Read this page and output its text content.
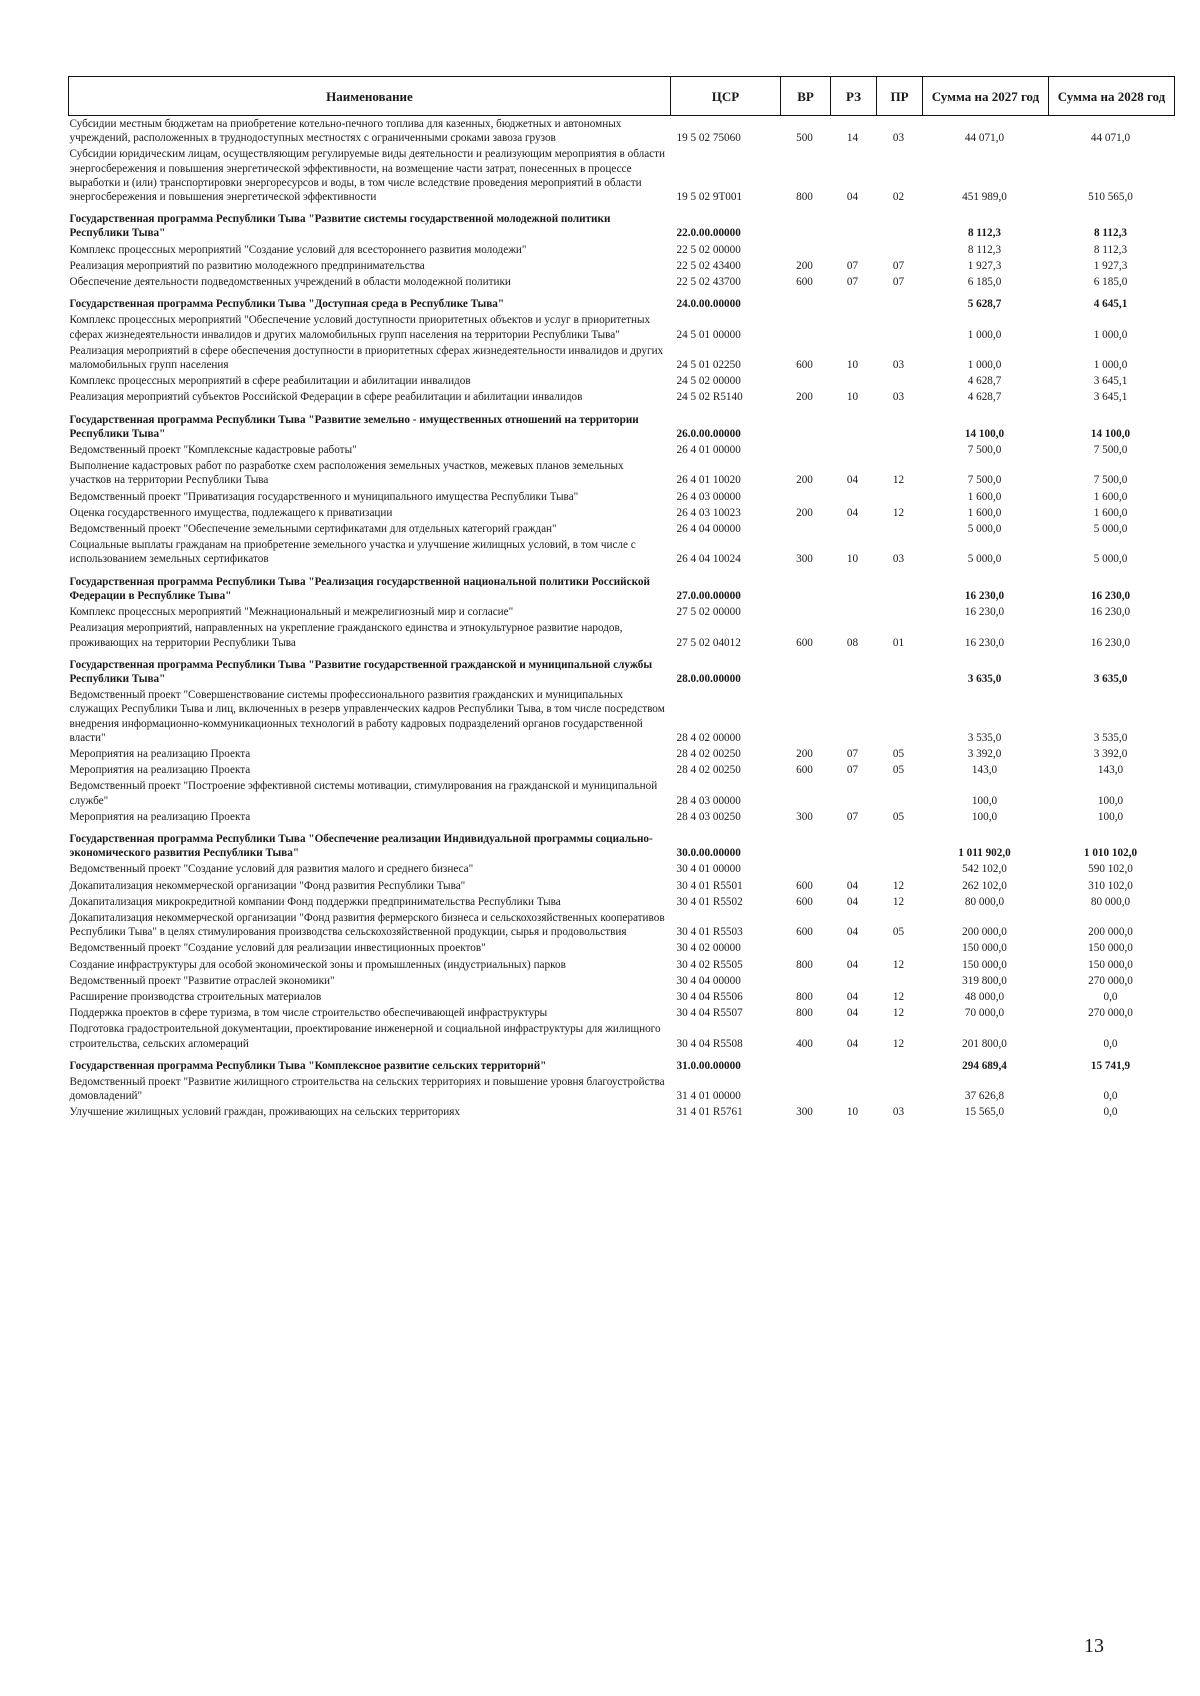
Наименование	ЦСР	ВР	РЗ	ПР	Сумма на 2027 год	Сумма на 2028 год
Субсидии местным бюджетам на приобретение котельно-печного топлива для казенных, бюджетных и автономных учреждений, расположенных в труднодоступных местностях с ограниченными сроками завоза грузов	19 5 02 75060	500	14	03	44 071,0	44 071,0
Субсидии юридическим лицам, осуществляющим регулируемые виды деятельности и реализующим мероприятия в области энергосбережения и повышения энергетической эффективности, на возмещение части затрат, понесенных в процессе выработки и (или) транспортировки энергоресурсов и воды, в том числе вследствие проведения мероприятий в области энергосбережения и повышения энергетической эффективности	19 5 02 9Т001	800	04	02	451 989,0	510 565,0
Государственная программа Республики Тыва "Развитие системы государственной молодежной политики Республики Тыва"	22.0.00.00000				8 112,3	8 112,3
Комплекс процессных мероприятий "Создание условий для всестороннего развития молодежи"	22 5 02 00000				8 112,3	8 112,3
Реализация мероприятий по развитию молодежного предпринимательства	22 5 02 43400	200	07	07	1 927,3	1 927,3
Обеспечение деятельности подведомственных учреждений в области молодежной политики	22 5 02 43700	600	07	07	6 185,0	6 185,0
Государственная программа Республики Тыва "Доступная среда в Республике Тыва"	24.0.00.00000				5 628,7	4 645,1
Комплекс процессных мероприятий "Обеспечение условий доступности приоритетных объектов и услуг в приоритетных сферах жизнедеятельности инвалидов и других маломобильных групп населения на территории Республики Тыва"	24 5 01 00000				1 000,0	1 000,0
Реализация мероприятий в сфере обеспечения доступности в приоритетных сферах жизнедеятельности инвалидов и других маломобильных групп населения	24 5 01 02250	600	10	03	1 000,0	1 000,0
Комплекс процессных мероприятий в сфере реабилитации и абилитации инвалидов	24 5 02 00000				4 628,7	3 645,1
Реализация мероприятий субъектов Российской Федерации в сфере реабилитации и абилитации инвалидов	24 5 02 R5140	200	10	03	4 628,7	3 645,1
Государственная программа Республики Тыва "Развитие земельно - имущественных отношений на территории Республики Тыва"	26.0.00.00000				14 100,0	14 100,0
Ведомственный проект "Комплексные кадастровые работы"	26 4 01 00000				7 500,0	7 500,0
Выполнение кадастровых работ по разработке схем расположения земельных участков, межевых планов земельных участков на территории Республики Тыва	26 4 01 10020	200	04	12	7 500,0	7 500,0
Ведомственный проект "Приватизация государственного и муниципального имущества Республики Тыва"	26 4 03 00000				1 600,0	1 600,0
Оценка государственного имущества, подлежащего к приватизации	26 4 03 10023	200	04	12	1 600,0	1 600,0
Ведомственный проект "Обеспечение земельными сертификатами для отдельных категорий граждан"	26 4 04 00000				5 000,0	5 000,0
Социальные выплаты гражданам на приобретение земельного участка и улучшение жилищных условий, в том числе с использованием земельных сертификатов	26 4 04 10024	300	10	03	5 000,0	5 000,0
Государственная программа Республики Тыва "Реализация государственной национальной политики Российской Федерации в Республике Тыва"	27.0.00.00000				16 230,0	16 230,0
Комплекс процессных мероприятий "Межнациональный и межрелигиозный мир и согласие"	27 5 02 00000				16 230,0	16 230,0
Реализация мероприятий, направленных на укрепление гражданского единства и этнокультурное развитие народов, проживающих на территории Республики Тыва	27 5 02 04012	600	08	01	16 230,0	16 230,0
Государственная программа Республики Тыва "Развитие государственной гражданской и муниципальной службы Республики Тыва"	28.0.00.00000				3 635,0	3 635,0
Ведомственный проект "Совершенствование системы профессионального развития гражданских и муниципальных служащих Республики Тыва и лиц, включенных в резерв управленческих кадров Республики Тыва, в том числе посредством внедрения информационно-коммуникационных технологий в работу кадровых подразделений органов государственной власти"	28 4 02 00000				3 535,0	3 535,0
Мероприятия на реализацию Проекта	28 4 02 00250	200	07	05	3 392,0	3 392,0
Мероприятия на реализацию Проекта	28 4 02 00250	600	07	05	143,0	143,0
Ведомственный проект "Построение эффективной системы мотивации, стимулирования на гражданской и муниципальной службе"	28 4 03 00000				100,0	100,0
Мероприятия на реализацию Проекта	28 4 03 00250	300	07	05	100,0	100,0
Государственная программа Республики Тыва "Обеспечение реализации Индивидуальной программы социально-экономического развития Республики Тыва"	30.0.00.00000				1 011 902,0	1 010 102,0
Ведомственный проект "Создание условий для развития малого и среднего бизнеса"	30 4 01 00000				542 102,0	590 102,0
Докапитализация некоммерческой организации "Фонд развития Республики Тыва"	30 4 01 R5501	600	04	12	262 102,0	310 102,0
Докапитализация микрокредитной компании Фонд поддержки предпринимательства Республики Тыва	30 4 01 R5502	600	04	12	80 000,0	80 000,0
Докапитализация некоммерческой организации "Фонд развития фермерского бизнеса и сельскохозяйственных кооперативов Республики Тыва" в целях стимулирования производства сельскохозяйственной продукции, сырья и продовольствия	30 4 01 R5503	600	04	05	200 000,0	200 000,0
Ведомственный проект "Создание условий для реализации инвестиционных проектов"	30 4 02 00000				150 000,0	150 000,0
Создание инфраструктуры для особой экономической зоны и промышленных (индустриальных) парков	30 4 02 R5505	800	04	12	150 000,0	150 000,0
Ведомственный проект "Развитие отраслей экономики"	30 4 04 00000				319 800,0	270 000,0
Расширение производства строительных материалов	30 4 04 R5506	800	04	12	48 000,0	0,0
Поддержка проектов в сфере туризма, в том числе строительство обеспечивающей инфраструктуры	30 4 04 R5507	800	04	12	70 000,0	270 000,0
Подготовка градостроительной документации, проектирование инженерной и социальной инфраструктуры для жилищного строительства, сельских агломераций	30 4 04 R5508	400	04	12	201 800,0	0,0
Государственная программа Республики Тыва "Комплексное развитие сельских территорий"	31.0.00.00000				294 689,4	15 741,9
Ведомственный проект "Развитие жилищного строительства на сельских территориях и повышение уровня благоустройства домовладений"	31 4 01 00000				37 626,8	0,0
Улучшение жилищных условий граждан, проживающих на сельских территориях	31 4 01 R5761	300	10	03	15 565,0	0,0
13
